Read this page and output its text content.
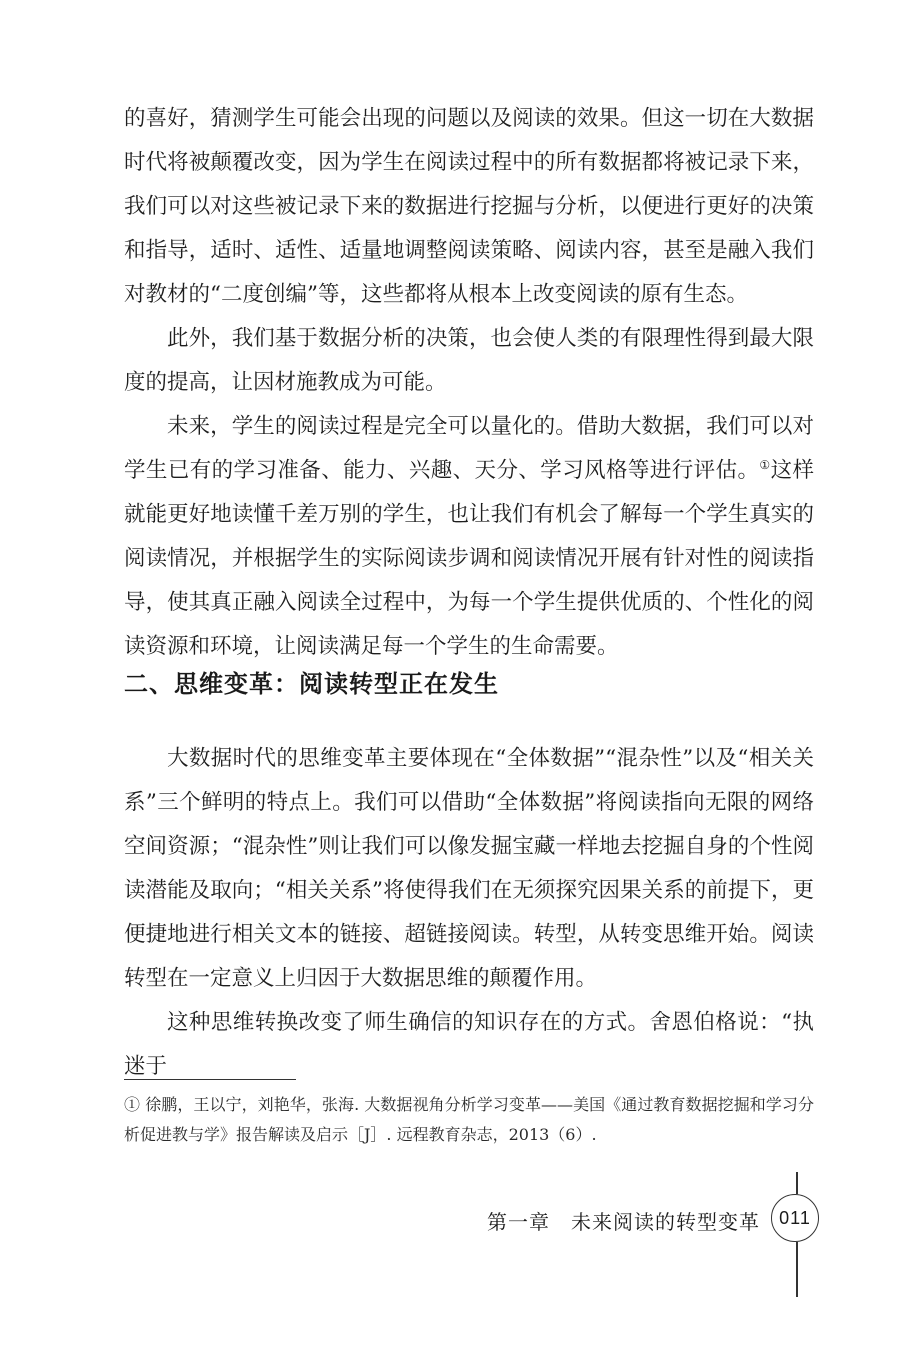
的喜好，猜测学生可能会出现的问题以及阅读的效果。但这一切在大数据时代将被颠覆改变，因为学生在阅读过程中的所有数据都将被记录下来，我们可以对这些被记录下来的数据进行挖掘与分析，以便进行更好的决策和指导，适时、适性、适量地调整阅读策略、阅读内容，甚至是融入我们对教材的“二度创编”等，这些都将从根本上改变阅读的原有生态。

此外，我们基于数据分析的决策，也会使人类的有限理性得到最大限度的提高，让因材施教成为可能。

未来，学生的阅读过程是完全可以量化的。借助大数据，我们可以对学生已有的学习准备、能力、兴趣、天分、学习风格等进行评估。①这样就能更好地读懂千差万别的学生，也让我们有机会了解每一个学生真实的阅读情况，并根据学生的实际阅读步调和阅读情况开展有针对性的阅读指导，使其真正融入阅读全过程中，为每一个学生提供优质的、个性化的阅读资源和环境，让阅读满足每一个学生的生命需要。

二、思维变革：阅读转型正在发生

大数据时代的思维变革主要体现在“全体数据”“混杂性”以及“相关关系”三个鲜明的特点上。我们可以借助“全体数据”将阅读指向无限的网络空间资源；“混杂性”则让我们可以像发掘宝藏一样地去挖掘自身的个性阅读潜能及取向；“相关关系”将使得我们在无须探究因果关系的前提下，更便捷地进行相关文本的链接、超链接阅读。转型，从转变思维开始。阅读转型在一定意义上归因于大数据思维的颠覆作用。

这种思维转换改变了师生确信的知识存在的方式。舍恩伯格说：“执迷于

① 徐鹏，王以宁，刘艳华，张海. 大数据视角分析学习变革——美国《通过教育数据挖掘和学习分析促进教与学》报告解读及启示［J］. 远程教育杂志，2013（6）.
第一章　未来阅读的转型变革	011
